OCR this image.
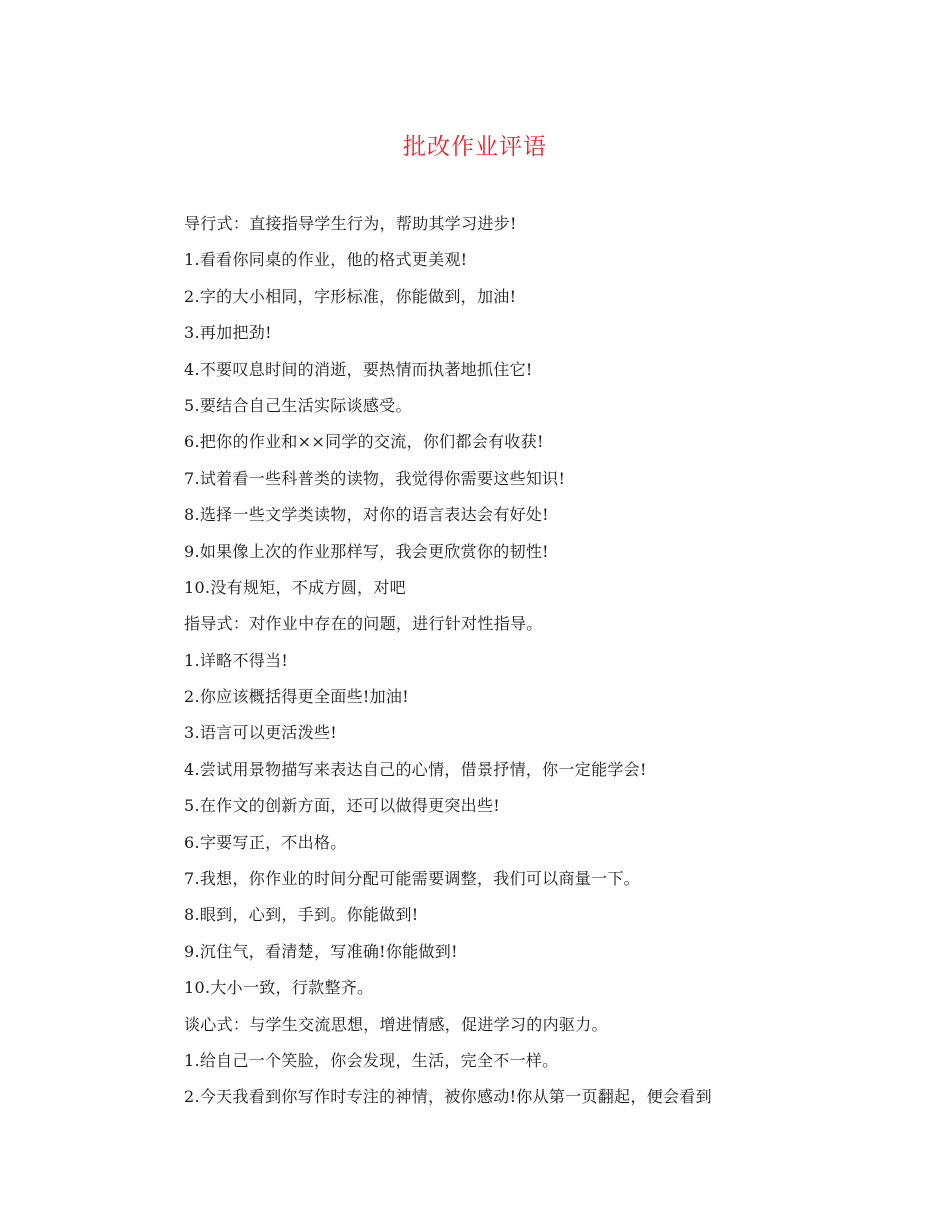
批改作业评语
导行式：直接指导学生行为，帮助其学习进步!
1.看看你同桌的作业，他的格式更美观!
2.字的大小相同，字形标准，你能做到，加油!
3.再加把劲!
4.不要叹息时间的消逝，要热情而执著地抓住它!
5.要结合自己生活实际谈感受。
6.把你的作业和××同学的交流，你们都会有收获!
7.试着看一些科普类的读物，我觉得你需要这些知识!
8.选择一些文学类读物，对你的语言表达会有好处!
9.如果像上次的作业那样写，我会更欣赏你的韧性!
10.没有规矩，不成方圆，对吧
指导式：对作业中存在的问题，进行针对性指导。
1.详略不得当!
2.你应该概括得更全面些!加油!
3.语言可以更活泼些!
4.尝试用景物描写来表达自己的心情，借景抒情，你一定能学会!
5.在作文的创新方面，还可以做得更突出些!
6.字要写正，不出格。
7.我想，你作业的时间分配可能需要调整，我们可以商量一下。
8.眼到，心到，手到。你能做到!
9.沉住气，看清楚，写准确!你能做到!
10.大小一致，行款整齐。
谈心式：与学生交流思想，增进情感，促进学习的内驱力。
1.给自己一个笑脸，你会发现，生活，完全不一样。
2.今天我看到你写作时专注的神情，被你感动!你从第一页翻起，便会看到
